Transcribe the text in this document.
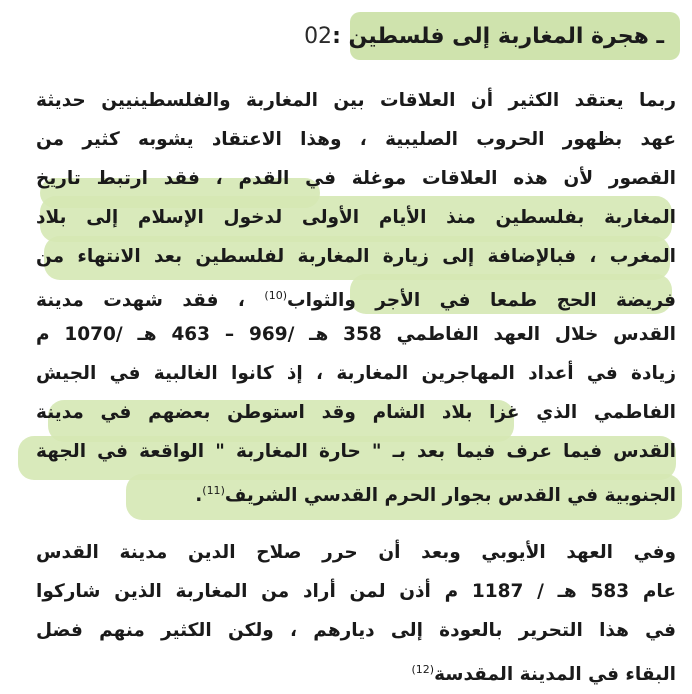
ـ هجرة المغاربة إلى فلسطين :
02
ربما يعتقد الكثير أن العلاقات بين المغاربة والفلسطينيين حديثة
عهد بظهور الحروب الصليبية ، وهذا الاعتقاد يشوبه كثير من
القصور لأن هذه العلاقات موغلة في القدم ، فقد ارتبط تاريخ
المغاربة بفلسطين منذ الأيام الأولى لدخول الإسلام إلى بلاد
المغرب ، فبالإضافة إلى زيارة المغاربة لفلسطين بعد الانتهاء من
فريضة الحج طمعا في الأجر والثواب$^{(10)}$ ، فقد شهدت مدينة
القدس خلال العهد الفاطمي 358 هـ /969 – 463 هـ /1070 م
زيادة في أعداد المهاجرين المغاربة ، إذ كانوا الغالبية في الجيش
الفاطمي الذي غزا بلاد الشام وقد استوطن بعضهم في مدينة
القدس فيما عرف فيما بعد بـ " حارة المغاربة " الواقعة في الجهة
الجنوبية في القدس بجوار الحرم القدسي الشريف$^{(11)}$.
وفي العهد الأيوبي وبعد أن حرر صلاح الدين مدينة القدس
عام 583 هـ / 1187 م أذن لمن أراد من المغاربة الذين شاركوا
في هذا التحرير بالعودة إلى ديارهم ، ولكن الكثير منهم فضل
البقاء في المدينة المقدسة$^{(12)}$
